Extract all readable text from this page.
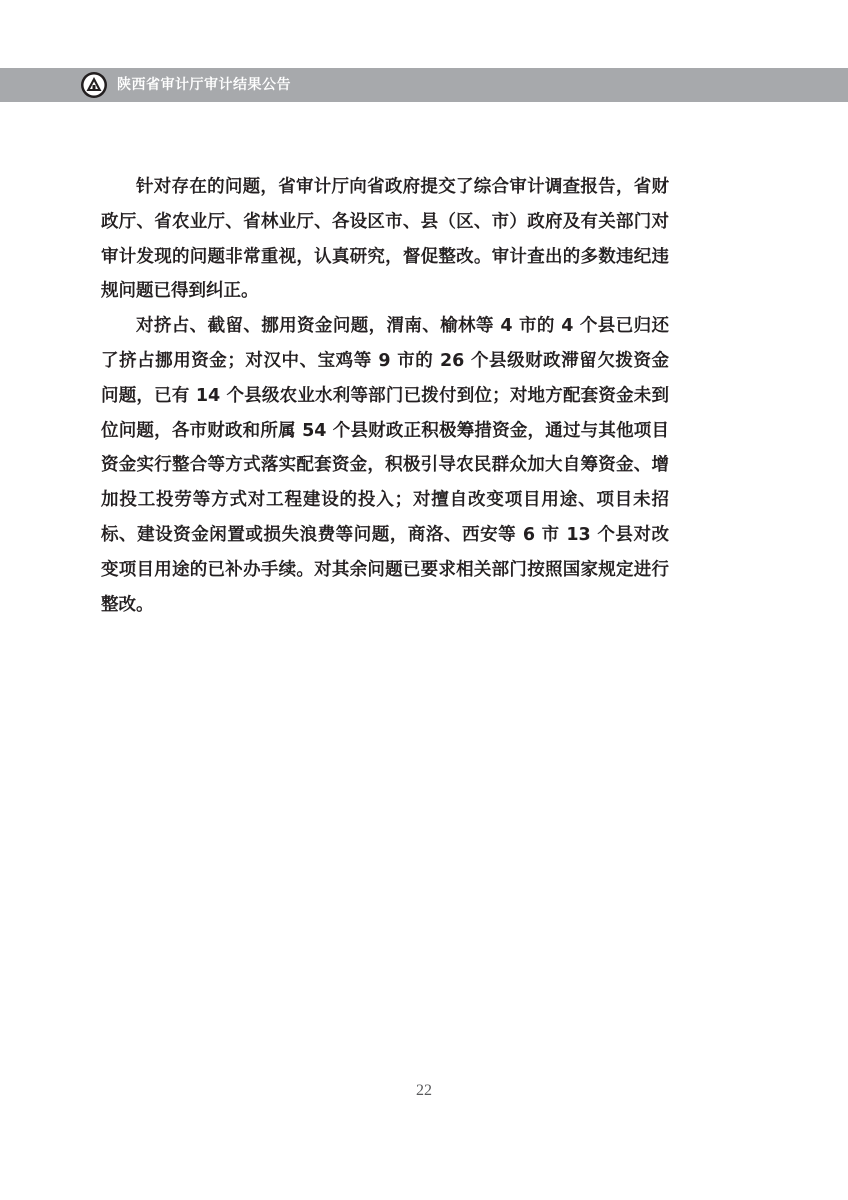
陕西省审计厅审计结果公告

针对存在的问题，省审计厅向省政府提交了综合审计调查报告，省财政厅、省农业厅、省林业厅、各设区市、县（区、市）政府及有关部门对审计发现的问题非常重视，认真研究，督促整改。审计查出的多数违纪违规问题已得到纠正。

对挤占、截留、挪用资金问题，渭南、榆林等 4 市的 4 个县已归还了挤占挪用资金；对汉中、宝鸡等 9 市的 26 个县级财政滞留欠拨资金问题，已有 14 个县级农业水利等部门已拨付到位；对地方配套资金未到位问题，各市财政和所属 54 个县财政正积极筹措资金，通过与其他项目资金实行整合等方式落实配套资金，积极引导农民群众加大自筹资金、增加投工投劳等方式对工程建设的投入；对擅自改变项目用途、项目未招标、建设资金闲置或损失浪费等问题，商洛、西安等 6 市 13 个县对改变项目用途的已补办手续。对其余问题已要求相关部门按照国家规定进行整改。

22
